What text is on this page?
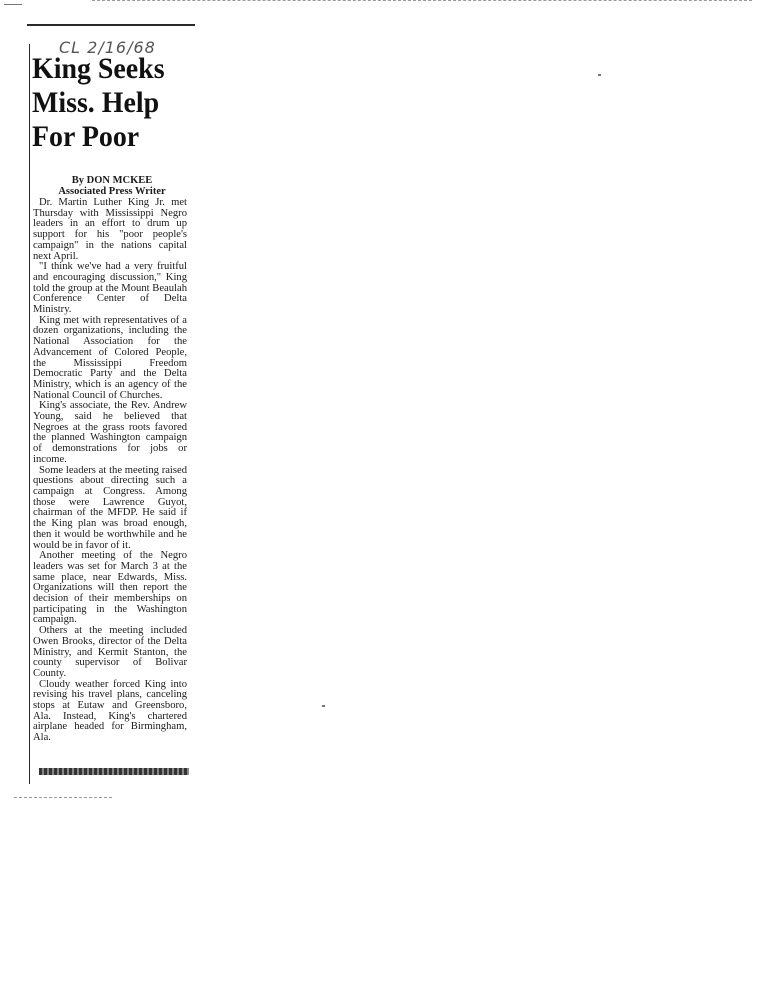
CL 2/16/68
King Seeks
Miss. Help
For Poor
By DON MCKEE
Associated Press Writer

Dr. Martin Luther King Jr. met Thursday with Mississippi Negro leaders in an effort to drum up support for his "poor people's campaign" in the nations capital next April.

"I think we've had a very fruitful and encouraging discussion," King told the group at the Mount Beaulah Conference Center of Delta Ministry.

King met with representatives of a dozen organizations, including the National Association for the Advancement of Colored People, the Mississippi Freedom Democratic Party and the Delta Ministry, which is an agency of the National Council of Churches.

King's associate, the Rev. Andrew Young, said he believed that Negroes at the grass roots favored the planned Washington campaign of demonstrations for jobs or income.

Some leaders at the meeting raised questions about directing such a campaign at Congress. Among those were Lawrence Guyot, chairman of the MFDP. He said if the King plan was broad enough, then it would be worthwhile and he would be in favor of it.

Another meeting of the Negro leaders was set for March 3 at the same place, near Edwards, Miss. Organizations will then report the decision of their memberships on participating in the Washington campaign.

Others at the meeting included Owen Brooks, director of the Delta Ministry, and Kermit Stanton, the county supervisor of Bolivar County.

Cloudy weather forced King into revising his travel plans, canceling stops at Eutaw and Greensboro, Ala. Instead, King's chartered airplane headed for Birmingham, Ala.
